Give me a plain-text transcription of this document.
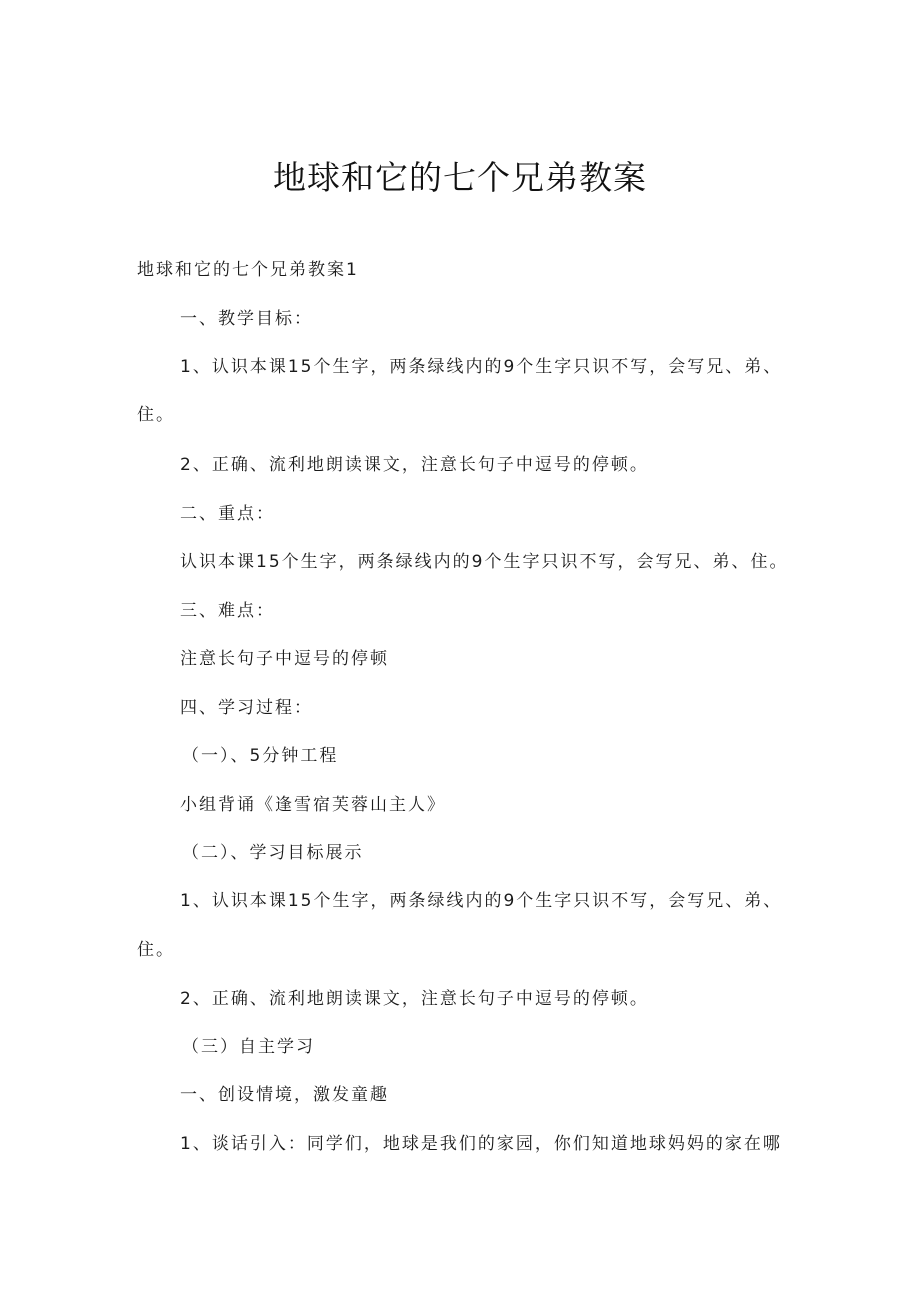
地球和它的七个兄弟教案
地球和它的七个兄弟教案1
一、教学目标：
1、认识本课15个生字，两条绿线内的9个生字只识不写，会写兄、弟、
住。
2、正确、流利地朗读课文，注意长句子中逗号的停顿。
二、重点：
认识本课15个生字，两条绿线内的9个生字只识不写，会写兄、弟、住。
三、难点：
注意长句子中逗号的停顿
四、学习过程：
（一）、5分钟工程
小组背诵《逢雪宿芙蓉山主人》
（二）、学习目标展示
1、认识本课15个生字，两条绿线内的9个生字只识不写，会写兄、弟、
住。
2、正确、流利地朗读课文，注意长句子中逗号的停顿。
（三）自主学习
一、创设情境，激发童趣
1、谈话引入：同学们，地球是我们的家园，你们知道地球妈妈的家在哪
